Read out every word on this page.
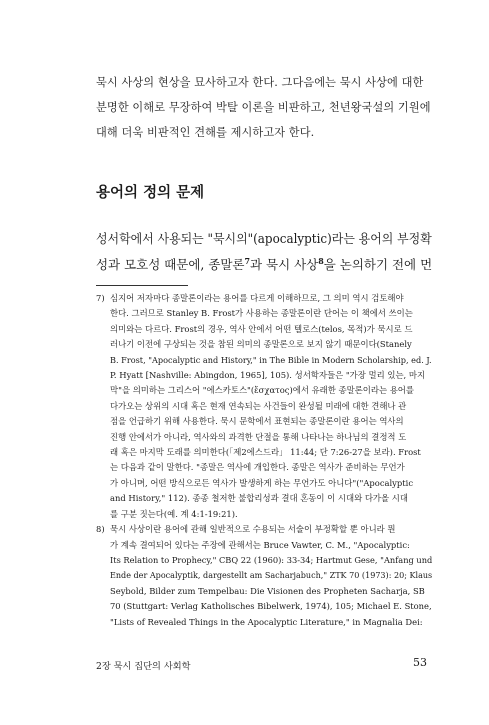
묵시 사상의 현상을 묘사하고자 한다. 그다음에는 묵시 사상에 대한
분명한 이해로 무장하여 박탈 이론을 비판하고, 천년왕국설의 기원에
대해 더욱 비판적인 견해를 제시하고자 한다.
용어의 정의 문제
성서학에서 사용되는 "묵시의"(apocalyptic)라는 용어의 부정확
성과 모호성 때문에, 종말론$^7$과 묵시 사상$^8$을 논의하기 전에 먼
7) 심지어 저자마다 종말론이라는 용어를 다르게 이해하므로, 그 의미 역시 검토해야
한다. 그러므로 Stanley B. Frost가 사용하는 종말론이란 단어는 이 책에서 쓰이는
의미와는 다르다. Frost의 경우, 역사 안에서 어떤 텔로스(telos, 목적)가 묵시로 드
러나기 이전에 구상되는 것을 참된 의미의 종말론으로 보지 않기 때문이다(Stanely
B. Frost, "Apocalyptic and History," in The Bible in Modern Scholarship, ed. J.
P. Hyatt [Nashville: Abingdon, 1965], 105). 성서학자들은 "가장 멀리 있는, 마지
막"을 의미하는 그리스어 "에스카토스"(ἔσχατος)에서 유래한 종말론이라는 용어를
다가오는 상위의 시대 혹은 현재 연속되는 사건들이 완성될 미래에 대한 견해나 관
점을 언급하기 위해 사용한다. 묵시 문학에서 표현되는 종말론이란 용어는 역사의
진행 안에서가 아니라, 역사와의 과격한 단절을 통해 나타나는 하나님의 결정적 도
래 혹은 마지막 도래를 의미한다(「제2에스드라」 11:44; 단 7:26-27을 보라). Frost
는 다음과 같이 말한다. "종말은 역사에 개입한다. 종말은 역사가 준비하는 무언가
가 아니며, 어떤 방식으로든 역사가 발생하게 하는 무언가도 아니다"("Apocalyptic
and History," 112). 종종 철저한 불합리성과 결대 혼동이 이 시대와 다가올 시대
를 구분 짓는다(예. 계 4:1-19:21).
8) 묵시 사상이란 용어에 관해 일반적으로 수용되는 서술이 부정확할 뿐 아니라 뭔
가 계속 결여되어 있다는 주장에 관해서는 Bruce Vawter, C. M., "Apocalyptic:
Its Relation to Prophecy," CBQ 22 (1960): 33-34; Hartmut Gese, "Anfang und
Ende der Apocalyptik, dargestellt am Sacharjabuch," ZTK 70 (1973): 20; Klaus
Seybold, Bilder zum Tempelbau: Die Visionen des Propheten Sacharja, SB
70 (Stuttgart: Verlag Katholisches Bibelwerk, 1974), 105; Michael E. Stone,
"Lists of Revealed Things in the Apocalyptic Literature," in Magnalia Dei:
2장 묵시 집단의 사회학	53
